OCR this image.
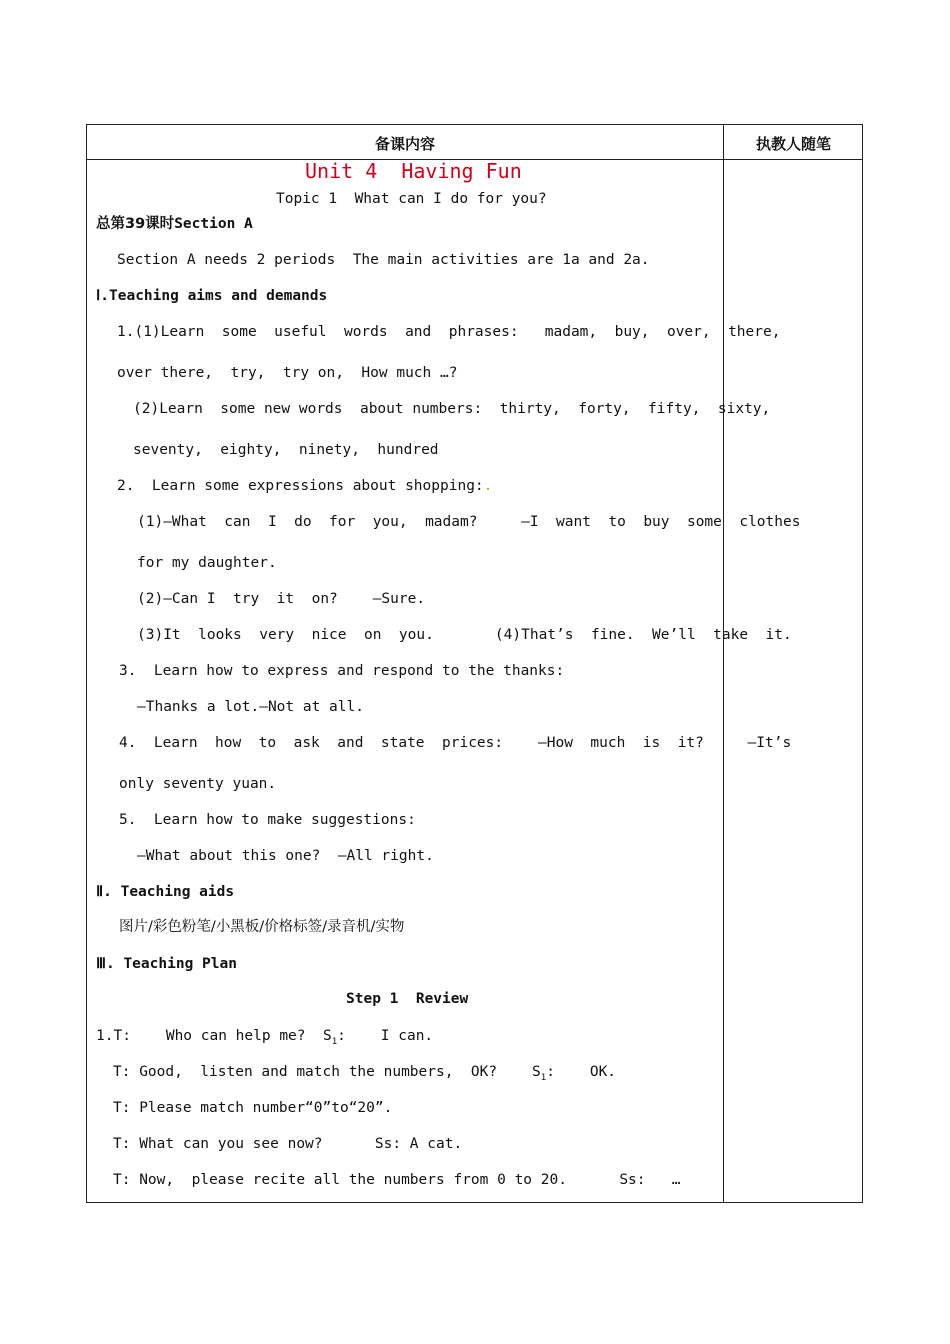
备课内容	执教人随笔
Unit 4  Having Fun
Topic 1  What can I do for you?
总第39课时Section A
Section A needs 2 periods  The main activities are 1a and 2a.
Ⅰ.Teaching aims and demands
1.(1)Learn  some  useful  words  and  phrases:   madam,  buy,  over,  there,
over there,  try,  try on,  How much …?
(2)Learn  some new words  about numbers:  thirty,  forty,  fifty,  sixty,
seventy,  eighty,  ninety,  hundred
2.  Learn some expressions about shopping:.
(1)—What  can  I  do  for  you,  madam?     —I  want  to  buy  some  clothes
for my daughter.
(2)—Can I  try  it  on?    —Sure.
(3)It  looks  very  nice  on  you.       (4)That’s  fine.  We’ll  take  it.
3.  Learn how to express and respond to the thanks:
—Thanks a lot.—Not at all.
4.  Learn  how  to  ask  and  state  prices:    —How  much  is  it?     —It’s
only seventy yuan.
5.  Learn how to make suggestions:
—What about this one?  —All right.
Ⅱ. Teaching aids
图片/彩色粉笔/小黑板/价格标签/录音机/实物
Ⅲ. Teaching Plan
Step 1  Review
1.T:    Who can help me?  $S_1$:    I can.
T: Good,  listen and match the numbers,  OK?    $S_1$:    OK.
T: Please match number“0”to“20”.
T: What can you see now?      Ss: A cat.
T: Now,  please recite all the numbers from 0 to 20.      Ss:   …
